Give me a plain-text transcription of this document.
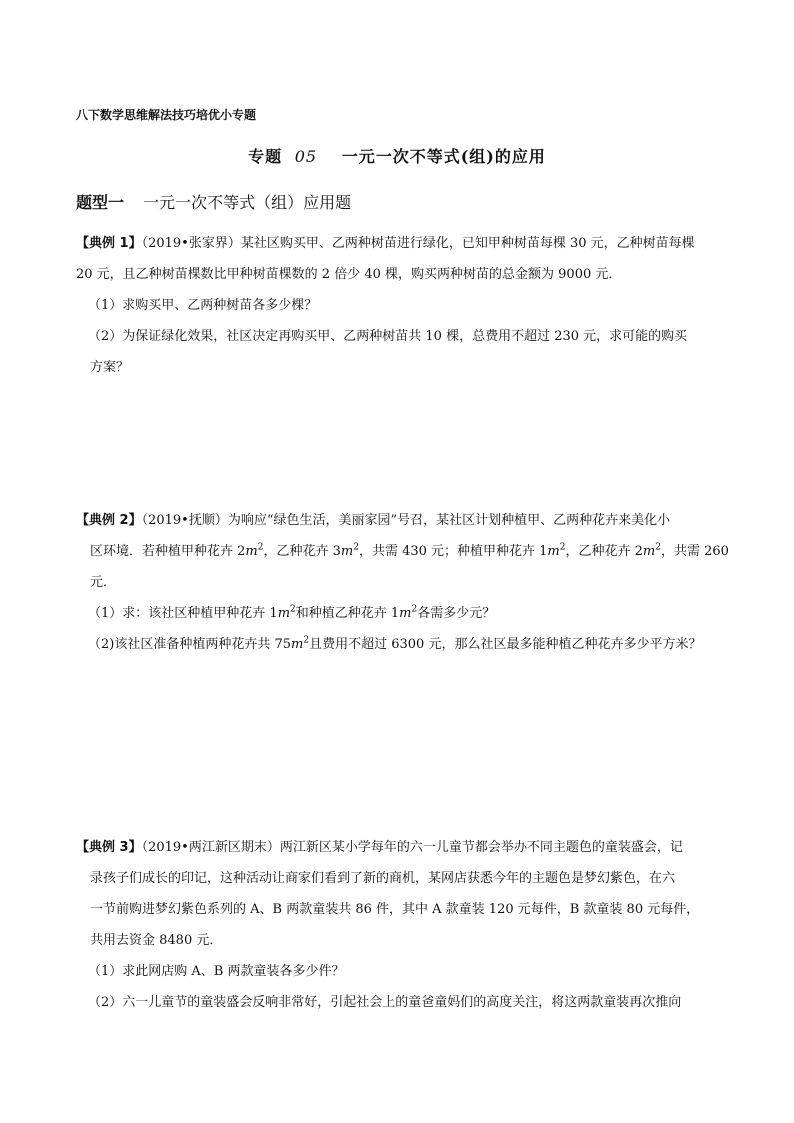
八下数学思维解法技巧培优小专题
专题 05 一元一次不等式(组)的应用
题型一 一元一次不等式（组）应用题
【典例 1】（2019•张家界）某社区购买甲、乙两种树苗进行绿化，已知甲种树苗每棵 30 元，乙种树苗每棵
20 元，且乙种树苗棵数比甲种树苗棵数的 2 倍少 40 棵，购买两种树苗的总金额为 9000 元．
（1）求购买甲、乙两种树苗各多少棵？
（2）为保证绿化效果，社区决定再购买甲、乙两种树苗共 10 棵，总费用不超过 230 元，求可能的购买
方案？
【典例 2】（2019•抚顺）为响应“绿色生活，美丽家园”号召，某社区计划种植甲、乙两种花卉来美化小
区环境．若种植甲种花卉 $2m^2$，乙种花卉 $3m^2$，共需 430 元；种植甲种花卉 $1m^2$，乙种花卉 $2m^2$，共需 260
元．
（1）求：该社区种植甲种花卉 $1m^2$和种植乙种花卉 $1m^2$各需多少元？
（2)该社区准备种植两种花卉共 $75m^2$且费用不超过 6300 元，那么社区最多能种植乙种花卉多少平方米？
【典例 3】（2019•两江新区期末）两江新区某小学每年的六一儿童节都会举办不同主题色的童装盛会，记
录孩子们成长的印记，这种活动让商家们看到了新的商机，某网店获悉今年的主题色是梦幻紫色，在六
一节前购进梦幻紫色系列的 A、B 两款童装共 86 件，其中 A 款童装 120 元每件，B 款童装 80 元每件，
共用去资金 8480 元．
（1）求此网店购 A、B 两款童装各多少件？
（2）六一儿童节的童装盛会反响非常好，引起社会上的童爸童妈们的高度关注，将这两款童装再次推向
